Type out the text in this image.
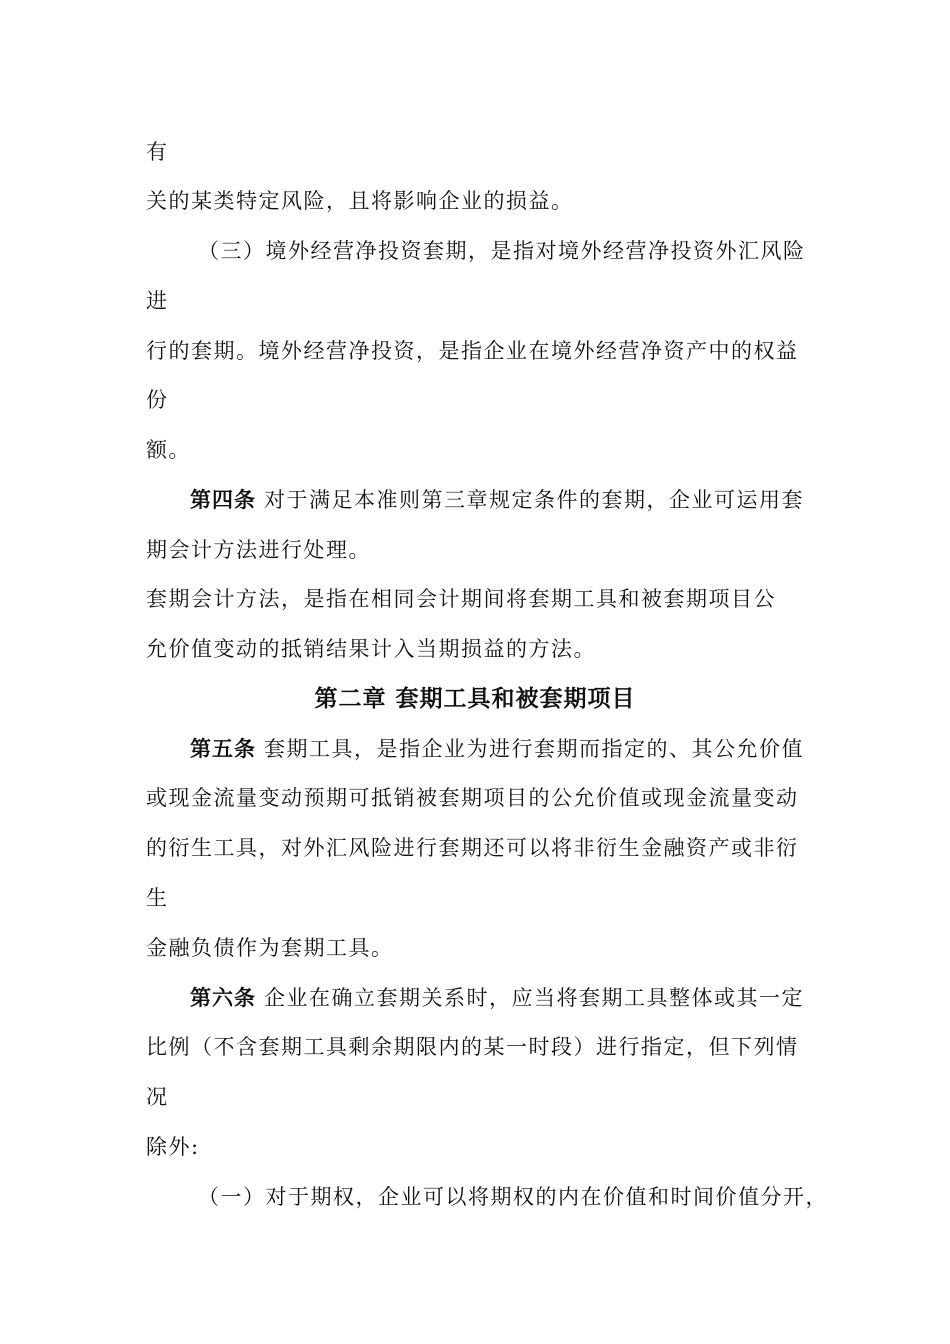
有
关的某类特定风险，且将影响企业的损益。
（三）境外经营净投资套期，是指对境外经营净投资外汇风险
进
行的套期。境外经营净投资，是指企业在境外经营净资产中的权益
份
额。
第四条 对于满足本准则第三章规定条件的套期，企业可运用套
期会计方法进行处理。
套期会计方法，是指在相同会计期间将套期工具和被套期项目公
允价值变动的抵销结果计入当期损益的方法。
第二章 套期工具和被套期项目
第五条 套期工具，是指企业为进行套期而指定的、其公允价值
或现金流量变动预期可抵销被套期项目的公允价值或现金流量变动
的衍生工具，对外汇风险进行套期还可以将非衍生金融资产或非衍
生
金融负债作为套期工具。
第六条 企业在确立套期关系时，应当将套期工具整体或其一定
比例（不含套期工具剩余期限内的某一时段）进行指定，但下列情
况
除外:
（一）对于期权，企业可以将期权的内在价值和时间价值分开，
